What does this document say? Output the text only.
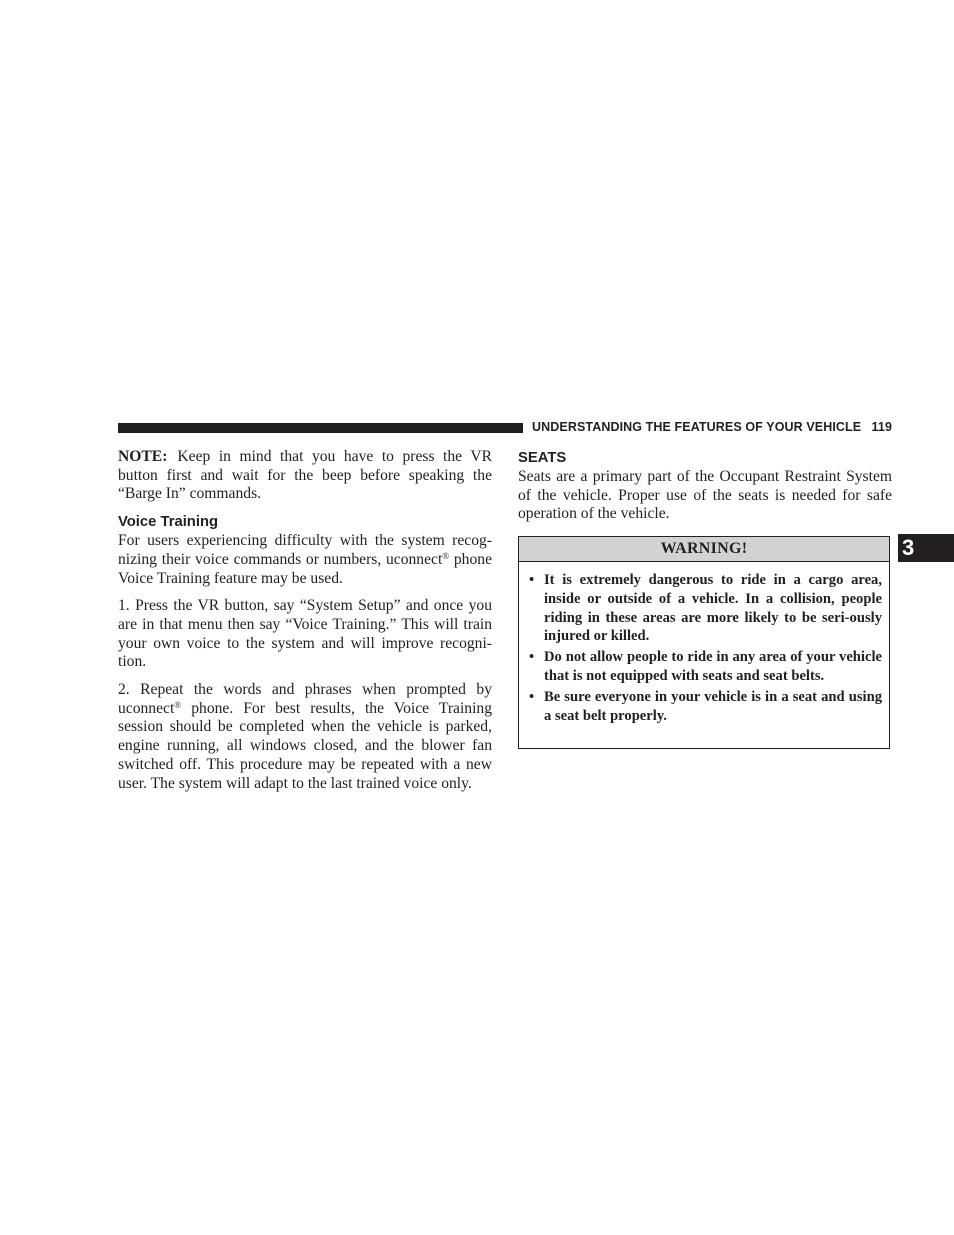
UNDERSTANDING THE FEATURES OF YOUR VEHICLE 119
3

NOTE: Keep in mind that you have to press the VR button first and wait for the beep before speaking the “Barge In” commands.

Voice Training

For users experiencing difficulty with the system recog-nizing their voice commands or numbers, uconnect® phone Voice Training feature may be used.

1. Press the VR button, say “System Setup” and once you are in that menu then say “Voice Training.” This will train your own voice to the system and will improve recogni-tion.

2. Repeat the words and phrases when prompted by uconnect® phone. For best results, the Voice Training session should be completed when the vehicle is parked, engine running, all windows closed, and the blower fan switched off. This procedure may be repeated with a new user. The system will adapt to the last trained voice only.

SEATS

Seats are a primary part of the Occupant Restraint System of the vehicle. Proper use of the seats is needed for safe operation of the vehicle.

WARNING!
• It is extremely dangerous to ride in a cargo area, inside or outside of a vehicle. In a collision, people riding in these areas are more likely to be seri-ously injured or killed.
• Do not allow people to ride in any area of your vehicle that is not equipped with seats and seat belts.
• Be sure everyone in your vehicle is in a seat and using a seat belt properly.
